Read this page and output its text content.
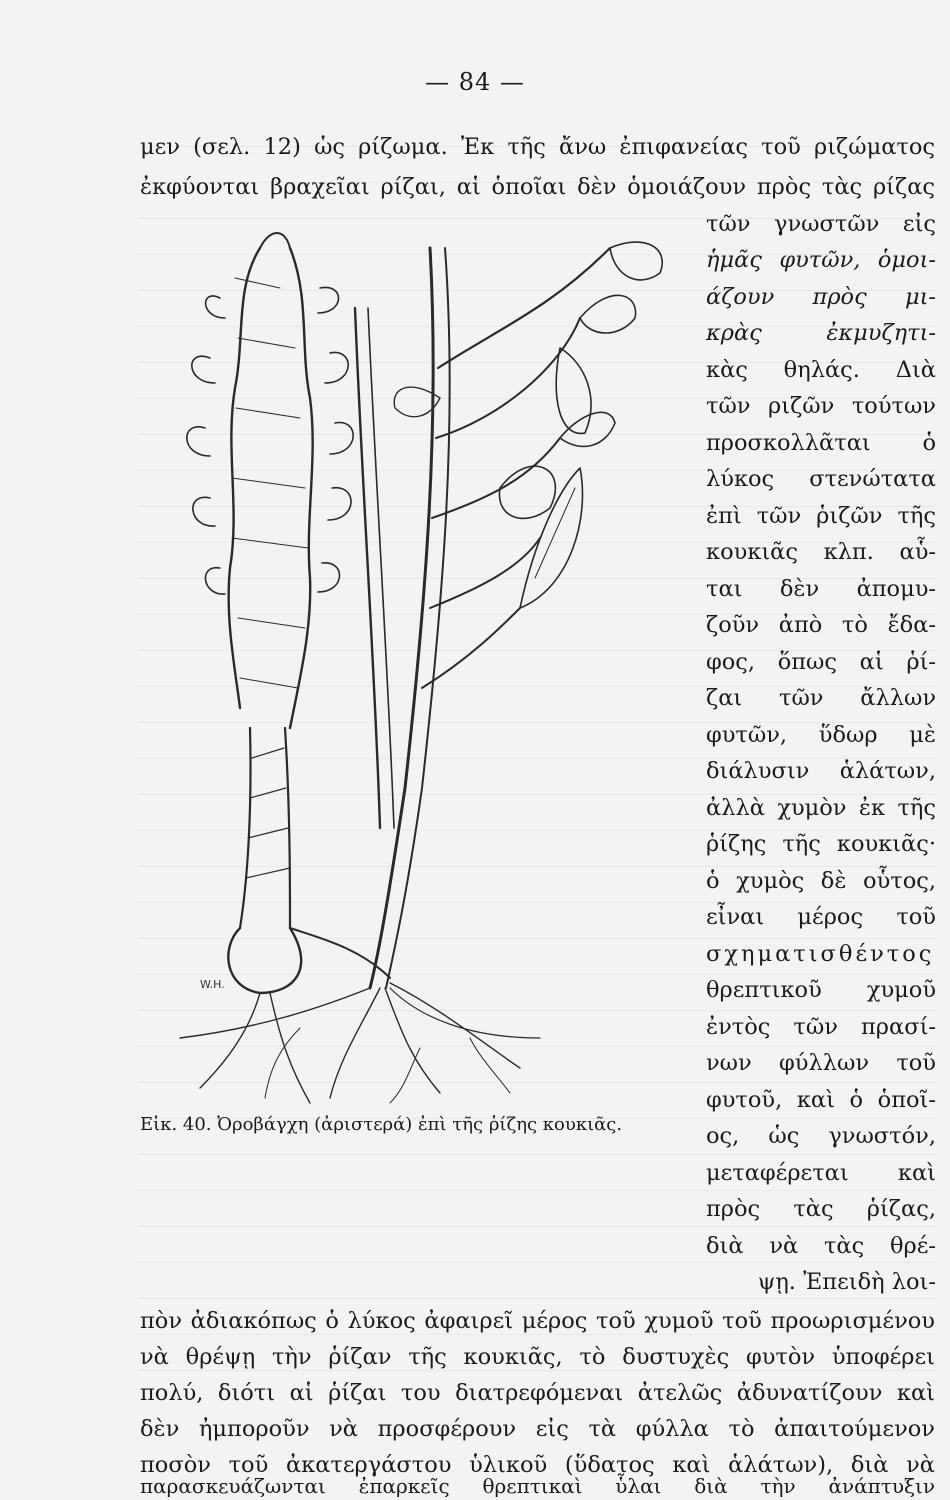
— 84 —
μεν (σελ. 12) ὡς ρίζωμα. Ἐκ τῆς ἄνω ἐπιφανείας τοῦ ριζώματος
ἐκφύονται βραχεῖαι ρίζαι, αἱ ὁποῖαι δὲν ὁμοιάζουν πρὸς τὰς ρίζας
τῶν γνωστῶν εἰς
ἡμᾶς φυτῶν, ὁμοι-
άζουν πρὸς μι-
κρὰς ἐκμυζητι-
κὰς θηλάς. Διὰ
τῶν ριζῶν τούτων
προσκολλᾶται ὁ
λύκος στενώτατα
ἐπὶ τῶν ῥιζῶν τῆς
κουκιᾶς κλπ. αὗ-
ται δὲν ἀπομυ-
ζοῦν ἀπὸ τὸ ἔδα-
φος, ὅπως αἱ ῥί-
ζαι τῶν ἄλλων
φυτῶν, ὕδωρ μὲ
διάλυσιν ἁλάτων,
ἀλλὰ χυμὸν ἐκ τῆς
ῥίζης τῆς κουκιᾶς·
ὁ χυμὸς δὲ οὗτος,
εἶναι μέρος τοῦ
σχηματισθέντος
θρεπτικοῦ χυμοῦ
ἐντὸς τῶν πρασί-
νων φύλλων τοῦ
φυτοῦ, καὶ ὁ ὁποῖ-
ος, ὡς γνωστόν,
μεταφέρεται καὶ
πρὸς τὰς ῥίζας,
διὰ νὰ τὰς θρέ-
ψῃ. Ἐπειδὴ λοι-
W.H.
Εἰκ. 40. Ὀροβάγχη (ἀριστερά) ἐπὶ τῆς ῥίζης κουκιᾶς.
πὸν ἀδιακόπως ὁ λύκος ἀφαιρεῖ μέρος τοῦ χυμοῦ τοῦ προωρισμένου
νὰ θρέψῃ τὴν ῥίζαν τῆς κουκιᾶς, τὸ δυστυχὲς φυτὸν ὑποφέρει
πολύ, διότι αἱ ῥίζαι του διατρεφόμεναι ἀτελῶς ἀδυνατίζουν καὶ
δὲν ἠμποροῦν νὰ προσφέρουν εἰς τὰ φύλλα τὸ ἀπαιτούμενον
ποσὸν τοῦ ἀκατεργάστου ὑλικοῦ (ὕδατος καὶ ἁλάτων), διὰ νὰ
παρασκευάζωνται ἐπαρκεῖς θρεπτικαὶ ὗλαι διὰ τὴν ἀνάπτυξιν
